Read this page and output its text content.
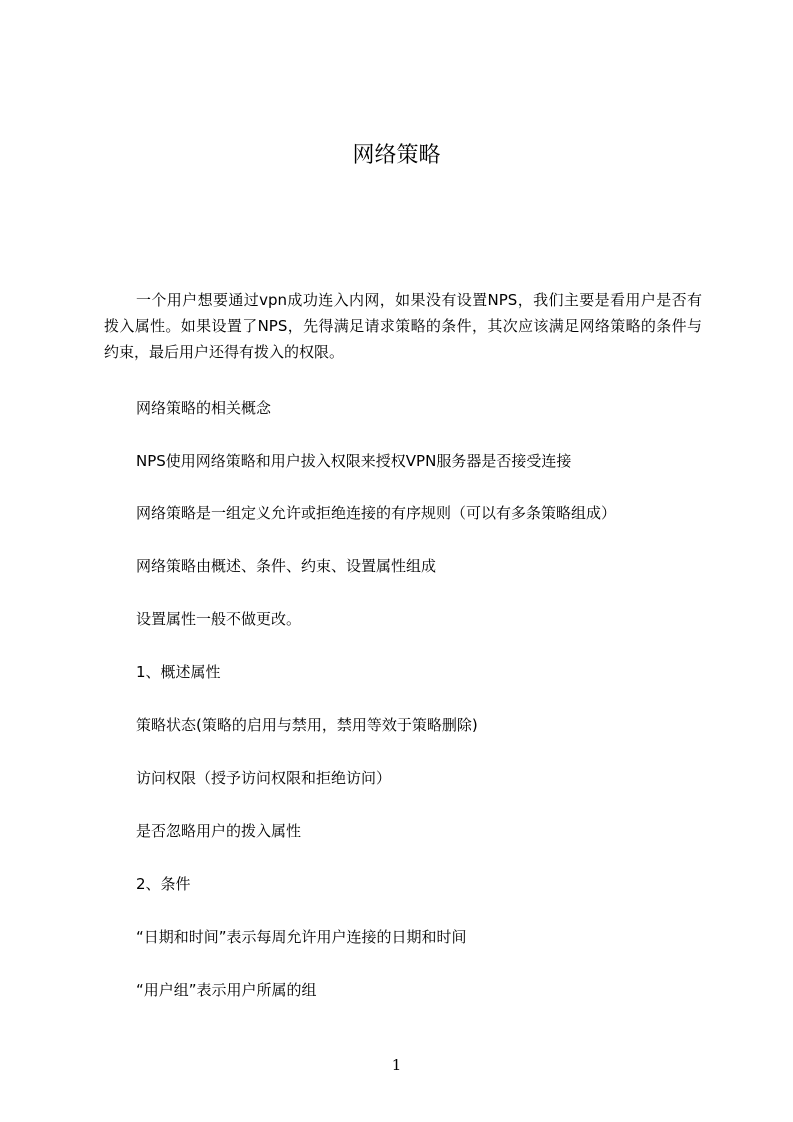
网络策略

一个用户想要通过vpn成功连入内网，如果没有设置NPS，我们主要是看用户是否有拨入属性。如果设置了NPS，先得满足请求策略的条件，其次应该满足网络策略的条件与约束，最后用户还得有拨入的权限。

网络策略的相关概念

NPS使用网络策略和用户拔入权限来授权VPN服务器是否接受连接

网络策略是一组定义允许或拒绝连接的有序规则（可以有多条策略组成）

网络策略由概述、条件、约束、设置属性组成

设置属性一般不做更改。

1、概述属性

策略状态(策略的启用与禁用，禁用等效于策略删除)

访问权限（授予访问权限和拒绝访问）

是否忽略用户的拨入属性

2、条件

“日期和时间”表示每周允许用户连接的日期和时间

“用户组”表示用户所属的组

1
